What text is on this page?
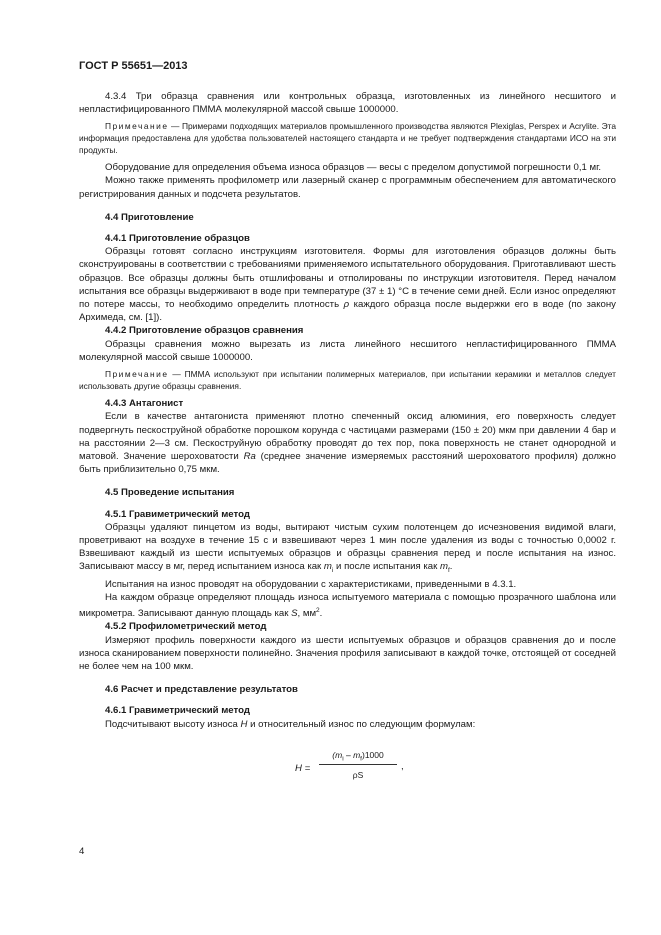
ГОСТ Р 55651—2013

4.3.4 Три образца сравнения или контрольных образца, изготовленных из линейного несшитого и непластифицированного ПММА молекулярной массой свыше 1000000.

Примечание — Примерами подходящих материалов промышленного производства являются Plexiglas, Perspex и Acrylite. Эта информация предоставлена для удобства пользователей настоящего стандарта и не требует подтверждения стандартами ИСО на эти продукты.

Оборудование для определения объема износа образцов — весы с пределом допустимой погрешности 0,1 мг.

Можно также применять профилометр или лазерный сканер с программным обеспечением для автоматического регистрирования данных и подсчета результатов.

4.4 Приготовление

4.4.1 Приготовление образцов

Образцы готовят согласно инструкциям изготовителя. Формы для изготовления образцов должны быть сконструированы в соответствии с требованиями применяемого испытательного оборудования. Приготавливают шесть образцов. Все образцы должны быть отшлифованы и отполированы по инструкции изготовителя. Перед началом испытания все образцы выдерживают в воде при температуре (37 ± 1) °С в течение семи дней. Если износ определяют по потере массы, то необходимо определить плотность ρ каждого образца после выдержки его в воде (по закону Архимеда, см. [1]).

4.4.2 Приготовление образцов сравнения

Образцы сравнения можно вырезать из листа линейного несшитого непластифицированного ПММА молекулярной массой свыше 1000000.

Примечание — ПММА используют при испытании полимерных материалов, при испытании керамики и металлов следует использовать другие образцы сравнения.

4.4.3 Антагонист

Если в качестве антагониста применяют плотно спеченный оксид алюминия, его поверхность следует подвергнуть пескоструйной обработке порошком корунда с частицами размерами (150 ± 20) мкм при давлении 4 бар и на расстоянии 2—3 см. Пескоструйную обработку проводят до тех пор, пока поверхность не станет однородной и матовой. Значение шероховатости Ra (среднее значение измеряемых расстояний шероховатого профиля) должно быть приблизительно 0,75 мкм.

4.5 Проведение испытания

4.5.1 Гравиметрический метод

Образцы удаляют пинцетом из воды, вытирают чистым сухим полотенцем до исчезновения видимой влаги, проветривают на воздухе в течение 15 с и взвешивают через 1 мин после удаления из воды с точностью 0,0002 г. Взвешивают каждый из шести испытуемых образцов и образцы сравнения перед и после испытания на износ. Записывают массу в мг, перед испытанием износа как $m_i$ и после испытания как $m_f$.

Испытания на износ проводят на оборудовании с характеристиками, приведенными в 4.3.1.

На каждом образце определяют площадь износа испытуемого материала с помощью прозрачного шаблона или микрометра. Записывают данную площадь как S, $мм^2$.

4.5.2 Профилометрический метод

Измеряют профиль поверхности каждого из шести испытуемых образцов и образцов сравнения до и после износа сканированием поверхности полинейно. Значения профиля записывают в каждой точке, отстоящей от соседней не более чем на 100 мкм.

4.6 Расчет и представление результатов

4.6.1 Гравиметрический метод

Подсчитывают высоту износа H и относительный износ по следующим формулам:

H =
$(m_i - m_f)1000$
ρS
,
4
